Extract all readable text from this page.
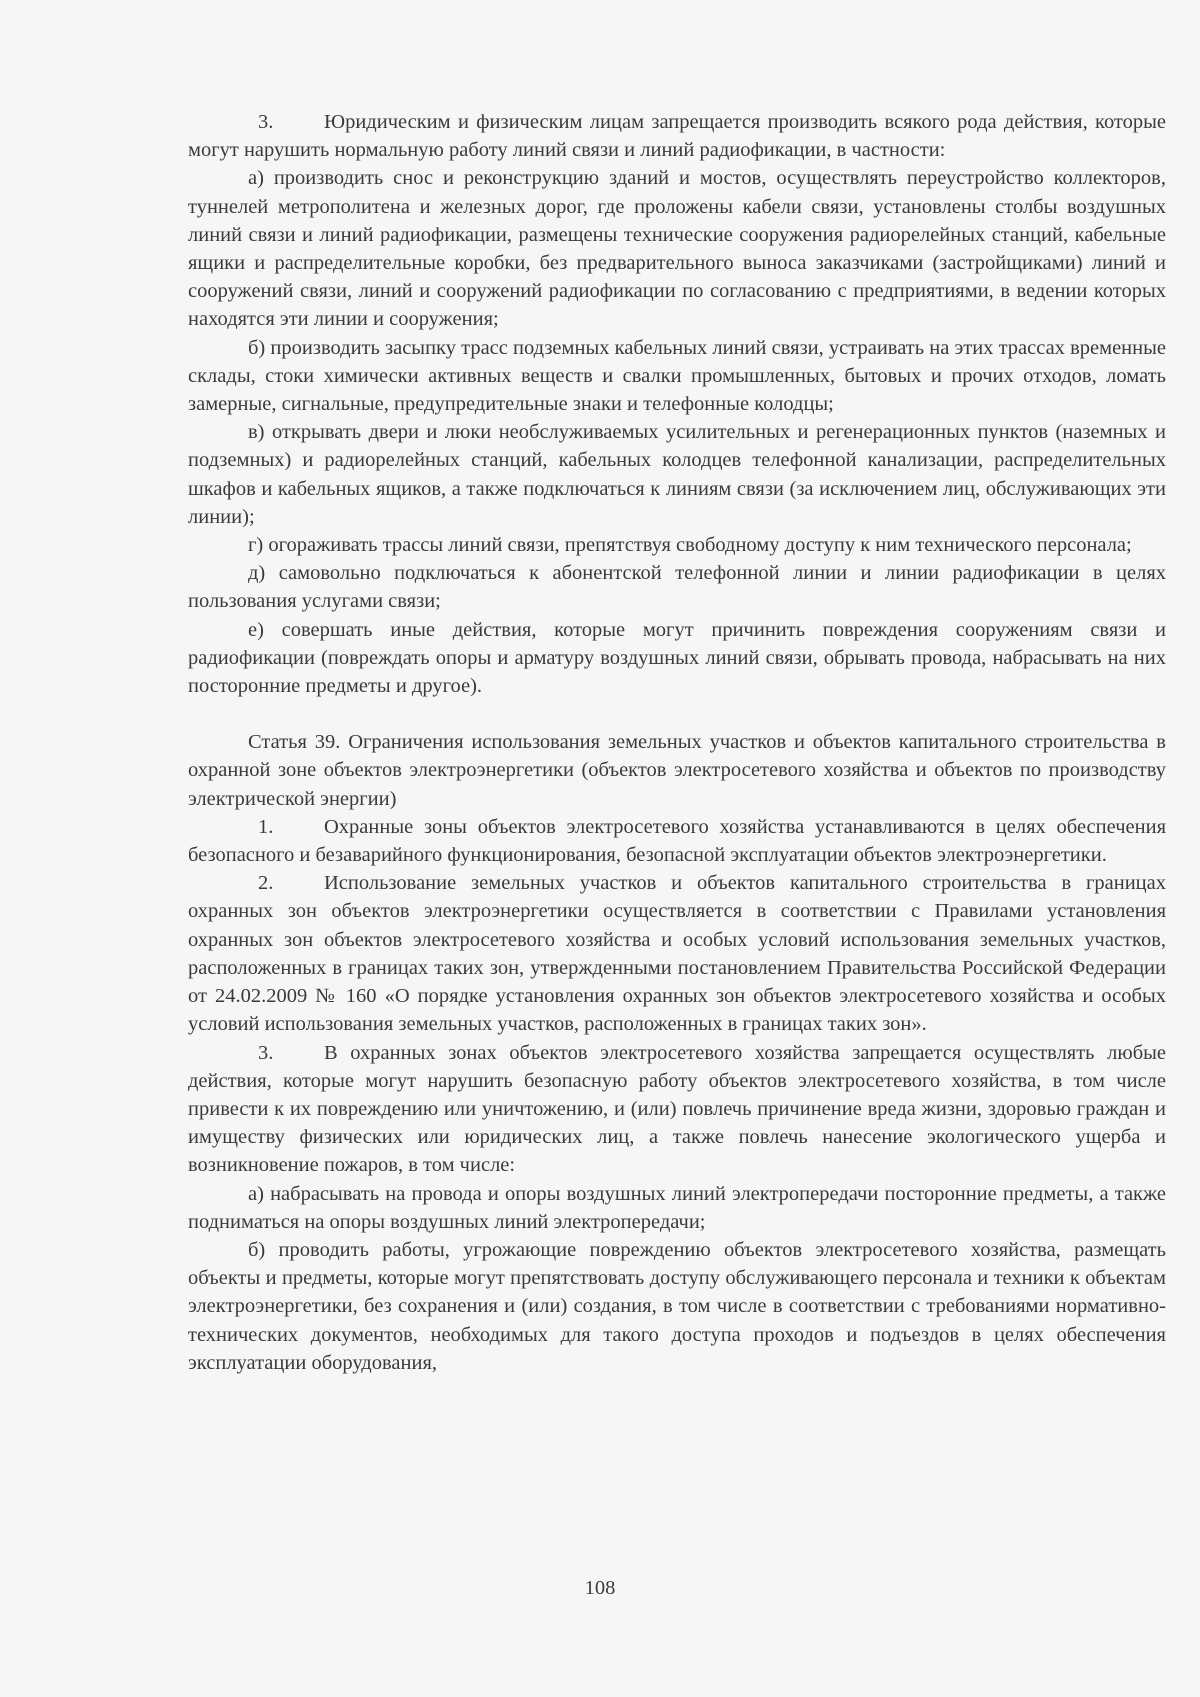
3. Юридическим и физическим лицам запрещается производить всякого рода действия, которые могут нарушить нормальную работу линий связи и линий радиофикации, в частности:

а) производить снос и реконструкцию зданий и мостов, осуществлять переустройство коллекторов, туннелей метрополитена и железных дорог, где проложены кабели связи, установлены столбы воздушных линий связи и линий радиофикации, размещены технические сооружения радиорелейных станций, кабельные ящики и распределительные коробки, без предварительного выноса заказчиками (застройщиками) линий и сооружений связи, линий и сооружений радиофикации по согласованию с предприятиями, в ведении которых находятся эти линии и сооружения;

б) производить засыпку трасс подземных кабельных линий связи, устраивать на этих трассах временные склады, стоки химически активных веществ и свалки промышленных, бытовых и прочих отходов, ломать замерные, сигнальные, предупредительные знаки и телефонные колодцы;

в) открывать двери и люки необслуживаемых усилительных и регенерационных пунктов (наземных и подземных) и радиорелейных станций, кабельных колодцев телефонной канализации, распределительных шкафов и кабельных ящиков, а также подключаться к линиям связи (за исключением лиц, обслуживающих эти линии);

г) огораживать трассы линий связи, препятствуя свободному доступу к ним технического персонала;

д) самовольно подключаться к абонентской телефонной линии и линии радиофикации в целях пользования услугами связи;

е) совершать иные действия, которые могут причинить повреждения сооружениям связи и радиофикации (повреждать опоры и арматуру воздушных линий связи, обрывать провода, набрасывать на них посторонние предметы и другое).

Статья 39. Ограничения использования земельных участков и объектов капитального строительства в охранной зоне объектов электроэнергетики (объектов электросетевого хозяйства и объектов по производству электрической энергии)

1. Охранные зоны объектов электросетевого хозяйства устанавливаются в целях обеспечения безопасного и безаварийного функционирования, безопасной эксплуатации объектов электроэнергетики.

2. Использование земельных участков и объектов капитального строительства в границах охранных зон объектов электроэнергетики осуществляется в соответствии с Правилами установления охранных зон объектов электросетевого хозяйства и особых условий использования земельных участков, расположенных в границах таких зон, утвержденными постановлением Правительства Российской Федерации от 24.02.2009 № 160 «О порядке установления охранных зон объектов электросетевого хозяйства и особых условий использования земельных участков, расположенных в границах таких зон».

3. В охранных зонах объектов электросетевого хозяйства запрещается осуществлять любые действия, которые могут нарушить безопасную работу объектов электросетевого хозяйства, в том числе привести к их повреждению или уничтожению, и (или) повлечь причинение вреда жизни, здоровью граждан и имуществу физических или юридических лиц, а также повлечь нанесение экологического ущерба и возникновение пожаров, в том числе:

а) набрасывать на провода и опоры воздушных линий электропередачи посторонние предметы, а также подниматься на опоры воздушных линий электропередачи;

б) проводить работы, угрожающие повреждению объектов электросетевого хозяйства, размещать объекты и предметы, которые могут препятствовать доступу обслуживающего персонала и техники к объектам электроэнергетики, без сохранения и (или) создания, в том числе в соответствии с требованиями нормативно-технических документов, необходимых для такого доступа проходов и подъездов в целях обеспечения эксплуатации оборудования,

108
